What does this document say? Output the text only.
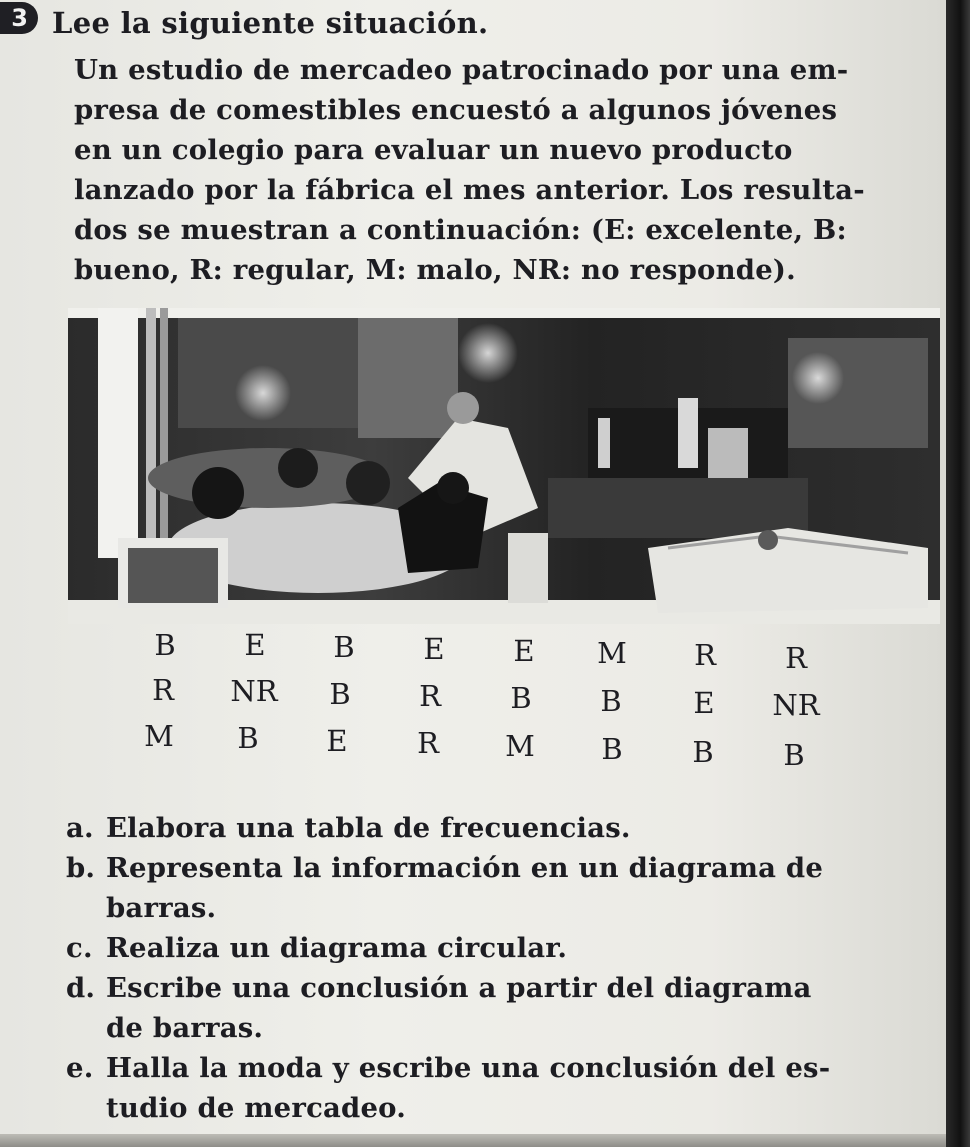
3 Lee la siguiente situación.
Un estudio de mercadeo patrocinado por una em-
presa de comestibles encuestó a algunos jóvenes
en un colegio para evaluar un nuevo producto
lanzado por la fábrica el mes anterior. Los resulta-
dos se muestran a continuación: (E: excelente, B:
bueno, R: regular, M: malo, NR: no responde).
B	E	B	E	E	M	R	R
R	NR	B	R	B	B	E	NR
M	B	E	R	M	B	B	B
a. Elabora una tabla de frecuencias.
b. Representa la información en un diagrama de
barras.
c. Realiza un diagrama circular.
d. Escribe una conclusión a partir del diagrama
de barras.
e. Halla la moda y escribe una conclusión del es-
tudio de mercadeo.
